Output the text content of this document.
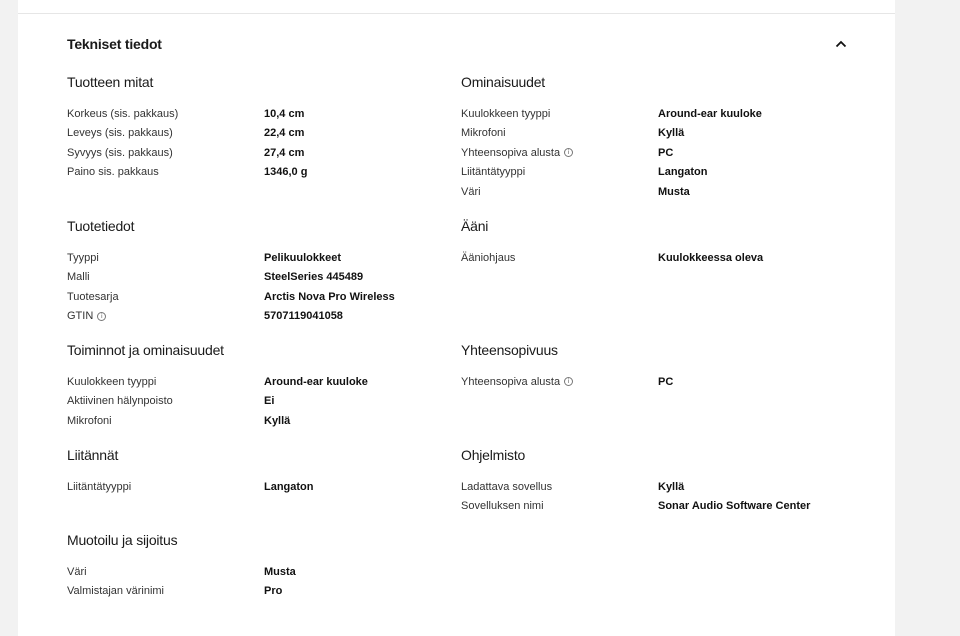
Tekniset tiedot
Tuotteen mitat
Korkeus (sis. pakkaus)	10,4 cm
Leveys (sis. pakkaus)	22,4 cm
Syvyys (sis. pakkaus)	27,4 cm
Paino sis. pakkaus	1346,0 g
Ominaisuudet
Kuulokkeen tyyppi	Around-ear kuuloke
Mikrofoni	Kyllä
Yhteensopiva alusta	i	PC
Liitäntätyyppi	Langaton
Väri	Musta
Tuotetiedot
Tyyppi	Pelikuulokkeet
Malli	SteelSeries 445489
Tuotesarja	Arctis Nova Pro Wireless
GTIN	i	5707119041058
Ääni
Ääniohjaus	Kuulokkeessa oleva
Toiminnot ja ominaisuudet
Kuulokkeen tyyppi	Around-ear kuuloke
Aktiivinen hälynpoisto	Ei
Mikrofoni	Kyllä
Yhteensopivuus
Yhteensopiva alusta	i	PC
Liitännät
Liitäntätyyppi	Langaton
Ohjelmisto
Ladattava sovellus	Kyllä
Sovelluksen nimi	Sonar Audio Software Center
Muotoilu ja sijoitus
Väri	Musta
Valmistajan värinimi	Pro
